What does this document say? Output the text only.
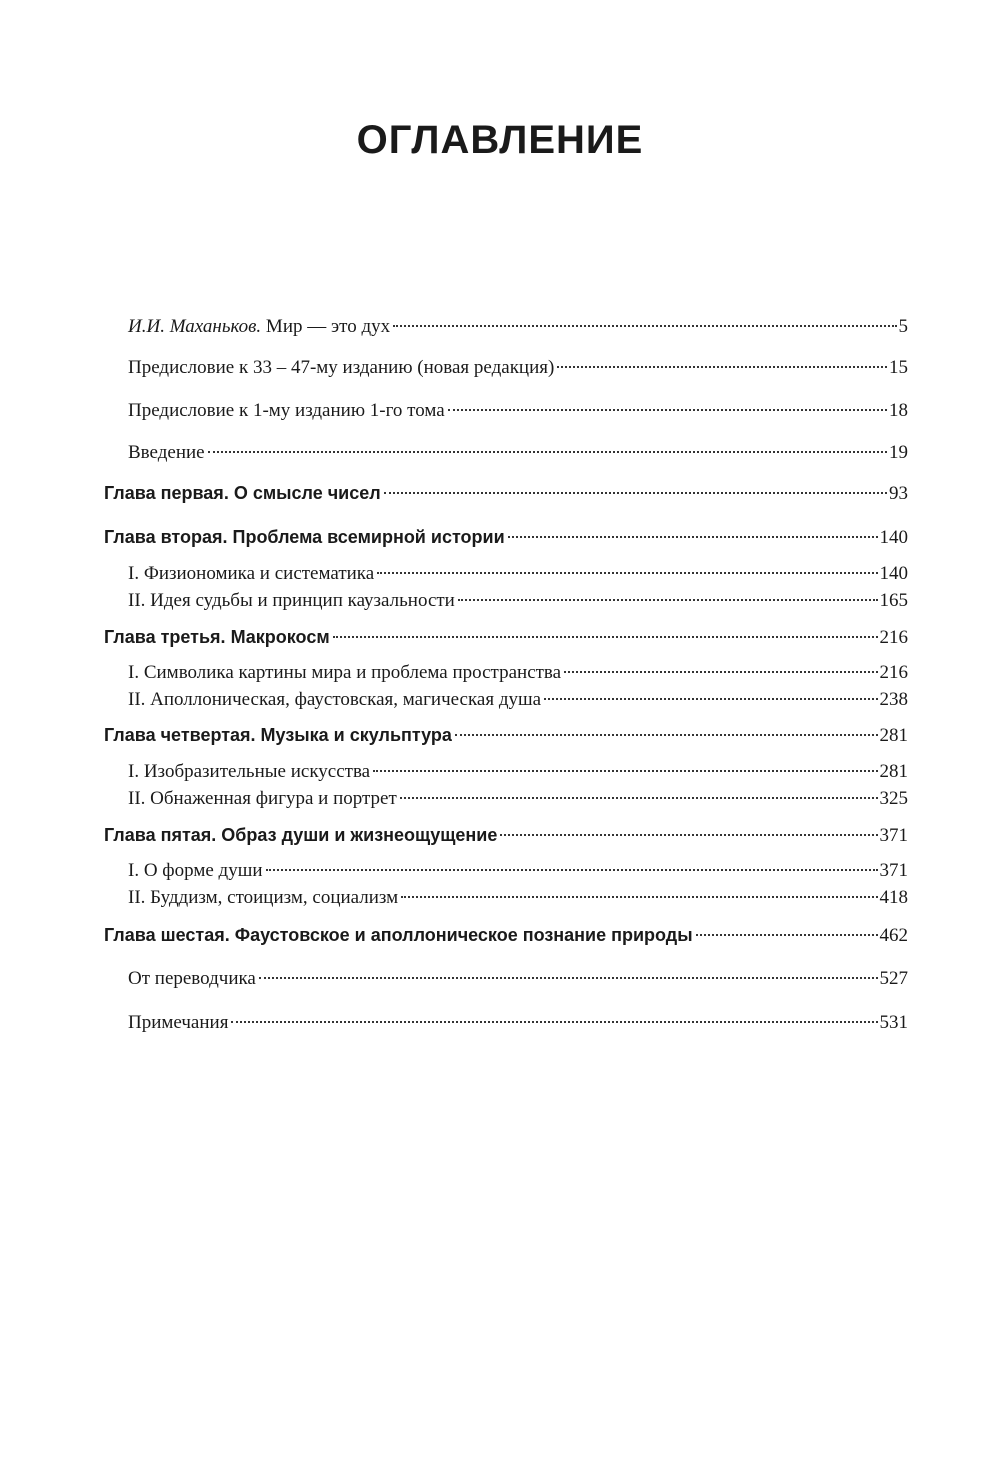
ОГЛАВЛЕНИЕ
И.И. Маханьков. Мир — это дух	5
Предисловие к 33 – 47-му изданию (новая редакция)	15
Предисловие к 1-му изданию 1-го тома	18
Введение	19
Глава первая. О смысле чисел	93
Глава вторая. Проблема всемирной истории	140
I. Физиономика и систематика	140
II. Идея судьбы и принцип каузальности	165
Глава третья. Макрокосм	216
I. Символика картины мира и проблема пространства	216
II. Аполлоническая, фаустовская, магическая душа	238
Глава четвертая. Музыка и скульптура	281
I. Изобразительные искусства	281
II. Обнаженная фигура и портрет	325
Глава пятая. Образ души и жизнеощущение	371
I. О форме души	371
II. Буддизм, стоицизм, социализм	418
Глава шестая. Фаустовское и аполлоническое познание природы	462
От переводчика	527
Примечания	531
